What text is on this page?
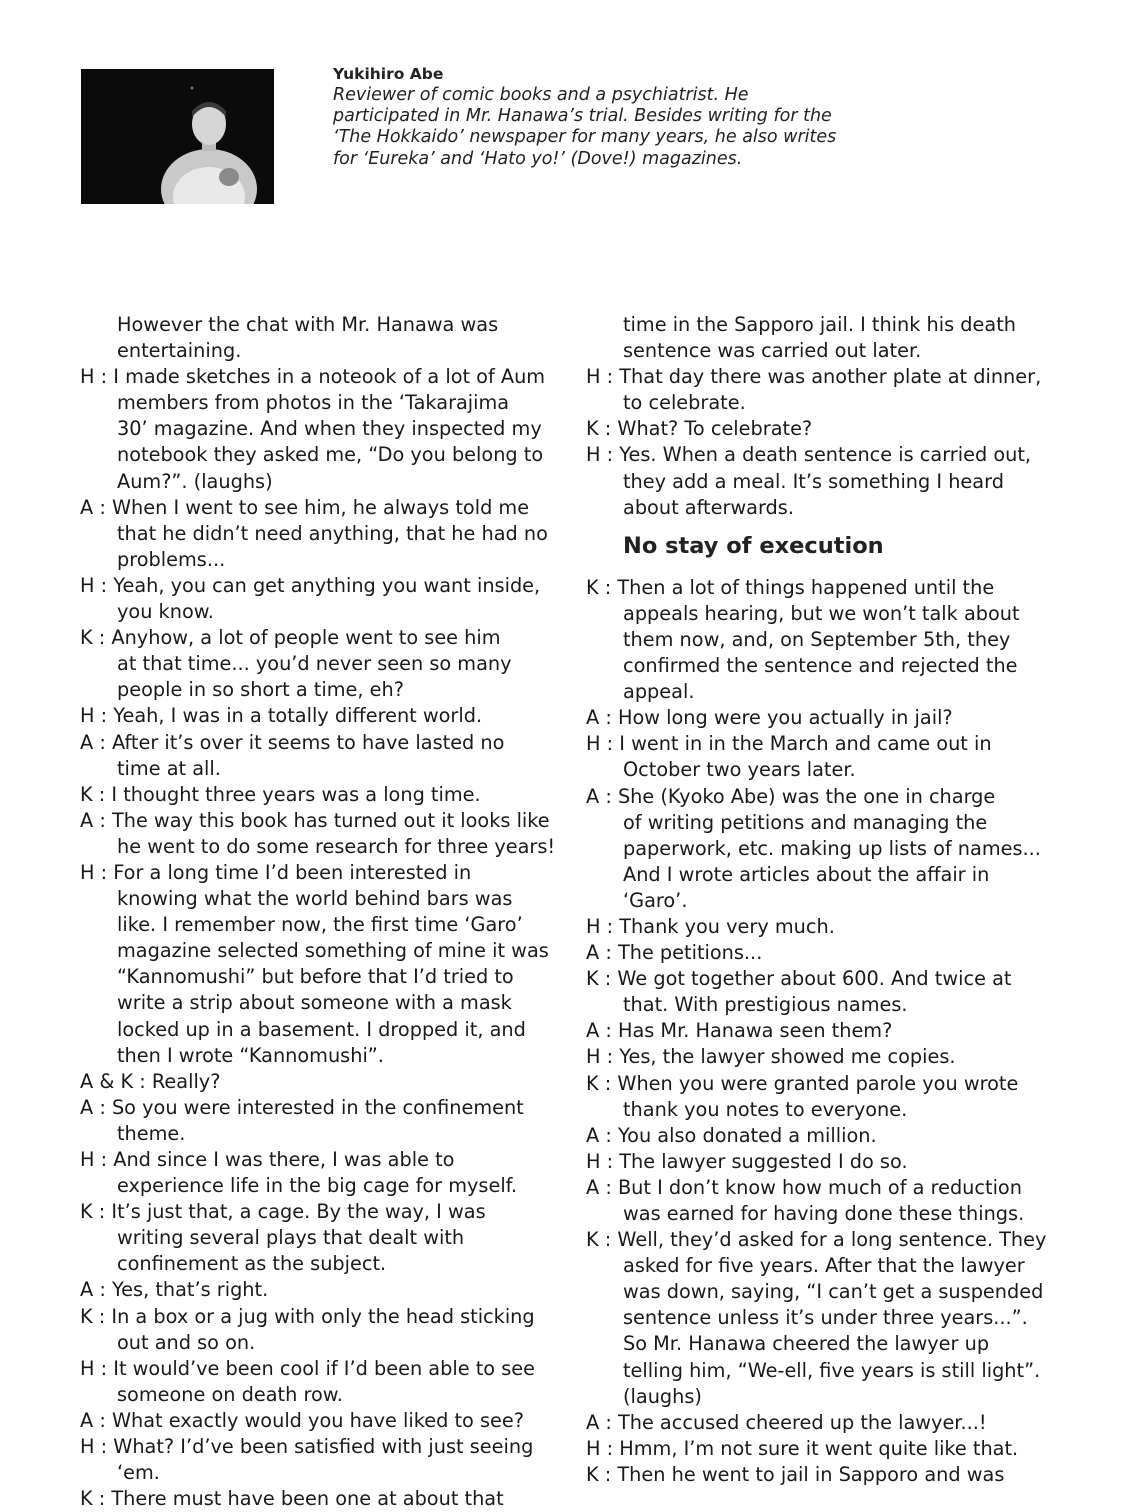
Yukihiro Abe
Reviewer of comic books and a psychiatrist. He
participated in Mr. Hanawa’s trial. Besides writing for the
‘The Hokkaido’ newspaper for many years, he also writes
for ‘Eureka’ and ‘Hato yo!’ (Dove!) magazines.
However the chat with Mr. Hanawa was
entertaining.
H : I made sketches in a noteook of a lot of Aum
members from photos in the ‘Takarajima
30’ magazine. And when they inspected my
notebook they asked me, “Do you belong to
Aum?”. (laughs)
A : When I went to see him, he always told me
that he didn’t need anything, that he had no
problems...
H : Yeah, you can get anything you want inside,
you know.
K : Anyhow, a lot of people went to see him
at that time... you’d never seen so many
people in so short a time, eh?
H : Yeah, I was in a totally different world.
A : After it’s over it seems to have lasted no
time at all.
K : I thought three years was a long time.
A : The way this book has turned out it looks like
he went to do some research for three years!
H : For a long time I’d been interested in
knowing what the world behind bars was
like. I remember now, the first time ‘Garo’
magazine selected something of mine it was
“Kannomushi” but before that I’d tried to
write a strip about someone with a mask
locked up in a basement. I dropped it, and
then I wrote “Kannomushi”.
A & K : Really?
A : So you were interested in the confinement
theme.
H : And since I was there, I was able to
experience life in the big cage for myself.
K : It’s just that, a cage. By the way, I was
writing several plays that dealt with
confinement as the subject.
A : Yes, that’s right.
K : In a box or a jug with only the head sticking
out and so on.
H : It would’ve been cool if I’d been able to see
someone on death row.
A : What exactly would you have liked to see?
H : What? I’d’ve been satisfied with just seeing
‘em.
K : There must have been one at about that
time in the Sapporo jail. I think his death
sentence was carried out later.
H : That day there was another plate at dinner,
to celebrate.
K : What? To celebrate?
H : Yes. When a death sentence is carried out,
they add a meal. It’s something I heard
about afterwards.
No stay of execution
K : Then a lot of things happened until the
appeals hearing, but we won’t talk about
them now, and, on September 5th, they
confirmed the sentence and rejected the
appeal.
A : How long were you actually in jail?
H : I went in in the March and came out in
October two years later.
A : She (Kyoko Abe) was the one in charge
of writing petitions and managing the
paperwork, etc. making up lists of names...
And I wrote articles about the affair in
‘Garo’.
H : Thank you very much.
A : The petitions...
K : We got together about 600. And twice at
that. With prestigious names.
A : Has Mr. Hanawa seen them?
H : Yes, the lawyer showed me copies.
K : When you were granted parole you wrote
thank you notes to everyone.
A : You also donated a million.
H : The lawyer suggested I do so.
A : But I don’t know how much of a reduction
was earned for having done these things.
K : Well, they’d asked for a long sentence. They
asked for five years. After that the lawyer
was down, saying, “I can’t get a suspended
sentence unless it’s under three years...”.
So Mr. Hanawa cheered the lawyer up
telling him, “We-ell, five years is still light”.
(laughs)
A : The accused cheered up the lawyer...!
H : Hmm, I’m not sure it went quite like that.
K : Then he went to jail in Sapporo and was
